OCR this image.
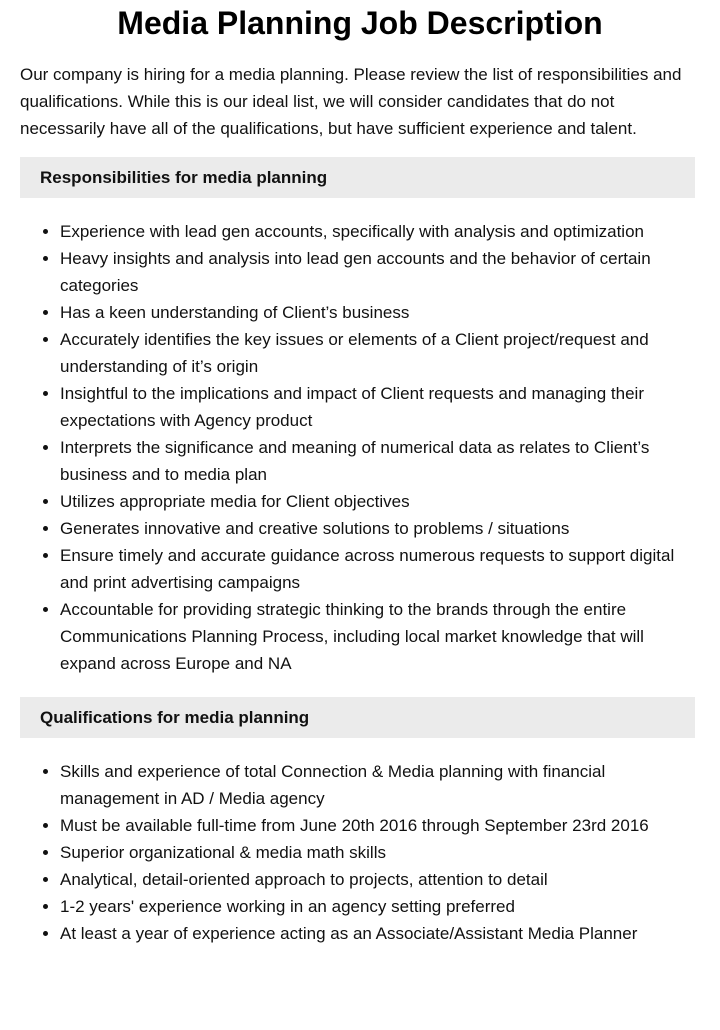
Media Planning Job Description

Our company is hiring for a media planning. Please review the list of responsibilities and qualifications. While this is our ideal list, we will consider candidates that do not necessarily have all of the qualifications, but have sufficient experience and talent.

Responsibilities for media planning
• Experience with lead gen accounts, specifically with analysis and optimization
• Heavy insights and analysis into lead gen accounts and the behavior of certain categories
• Has a keen understanding of Client’s business
• Accurately identifies the key issues or elements of a Client project/request and understanding of it’s origin
• Insightful to the implications and impact of Client requests and managing their expectations with Agency product
• Interprets the significance and meaning of numerical data as relates to Client’s business and to media plan
• Utilizes appropriate media for Client objectives
• Generates innovative and creative solutions to problems / situations
• Ensure timely and accurate guidance across numerous requests to support digital and print advertising campaigns
• Accountable for providing strategic thinking to the brands through the entire Communications Planning Process, including local market knowledge that will expand across Europe and NA
Qualifications for media planning
• Skills and experience of total Connection & Media planning with financial management in AD / Media agency
• Must be available full-time from June 20th 2016 through September 23rd 2016
• Superior organizational & media math skills
• Analytical, detail-oriented approach to projects, attention to detail
• 1-2 years' experience working in an agency setting preferred
• At least a year of experience acting as an Associate/Assistant Media Planner
